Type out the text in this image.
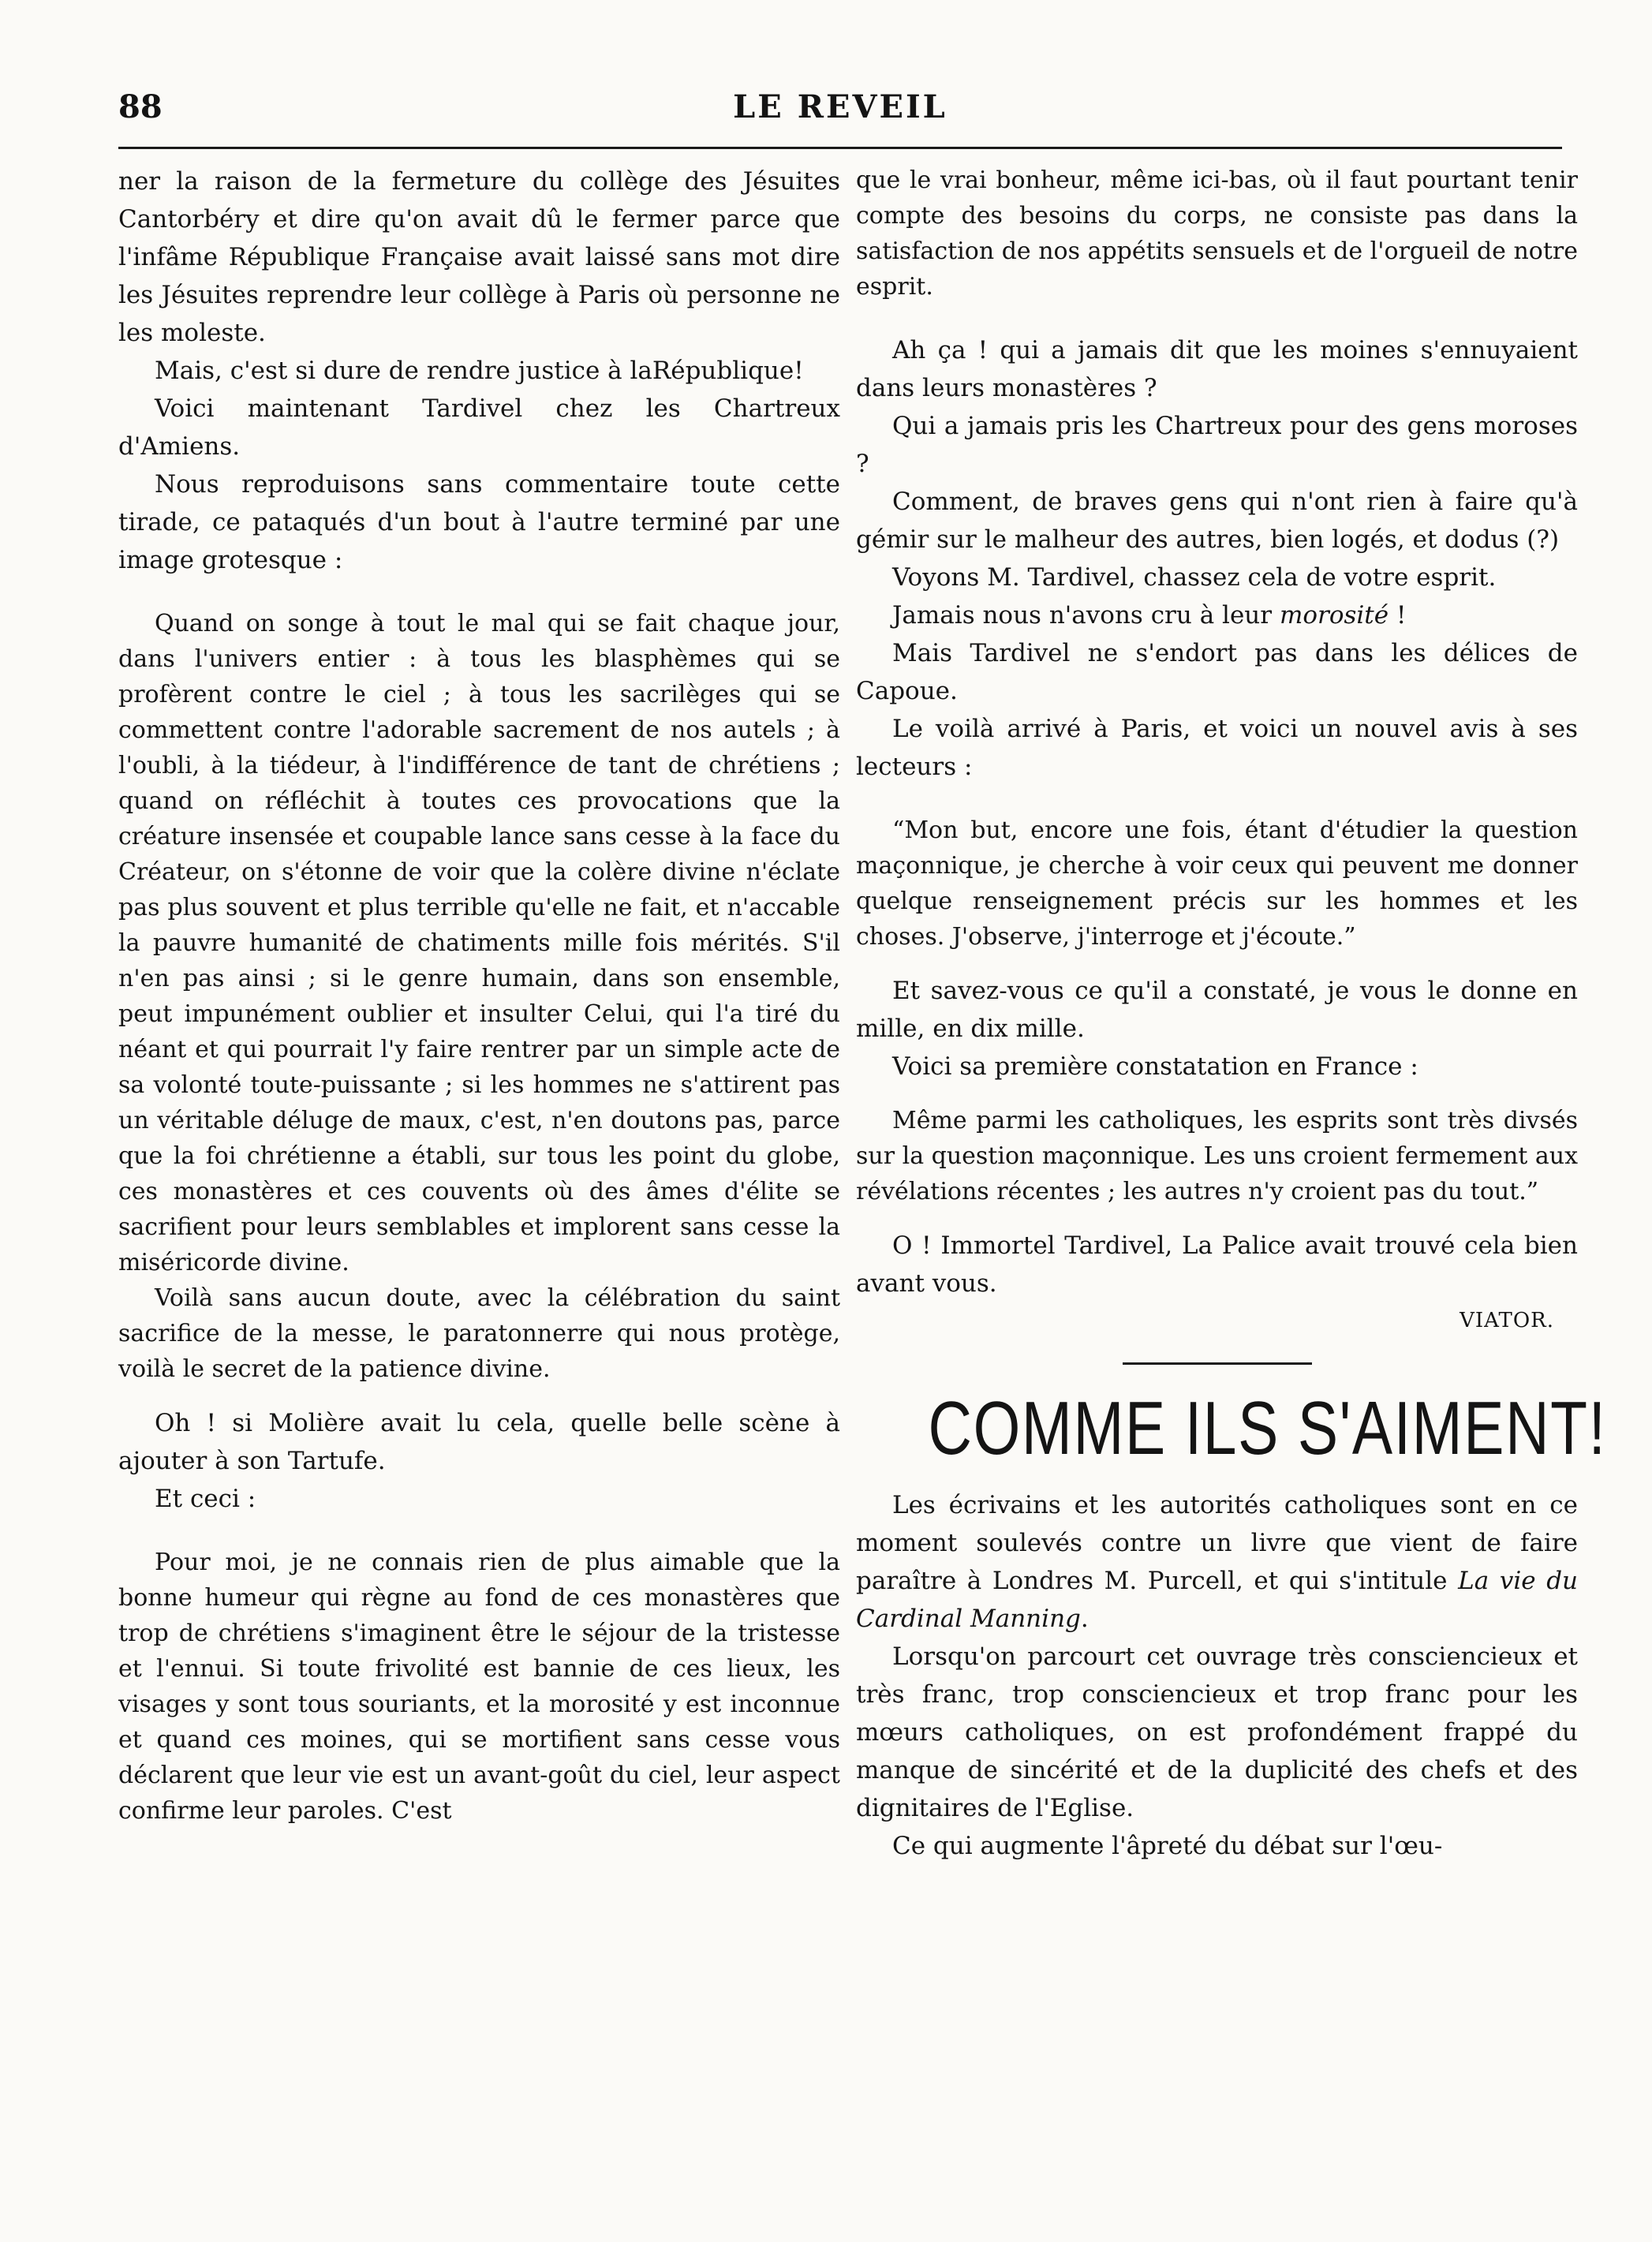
88	LE REVEIL

ner la raison de la fermeture du collège des Jésuites Cantorbéry et dire qu'on avait dû le fermer parce que l'infâme République Française avait laissé sans mot dire les Jésuites reprendre leur collège à Paris où personne ne les moleste.

Mais, c'est si dure de rendre justice à laRépublique!

Voici maintenant Tardivel chez les Chartreux d'Amiens.

Nous reproduisons sans commentaire toute cette tirade, ce pataqués d'un bout à l'autre terminé par une image grotesque :

Quand on songe à tout le mal qui se fait chaque jour, dans l'univers entier : à tous les blasphèmes qui se profèrent contre le ciel ; à tous les sacrilèges qui se commettent contre l'adorable sacrement de nos autels ; à l'oubli, à la tiédeur, à l'indifférence de tant de chrétiens ; quand on réfléchit à toutes ces provocations que la créature insensée et coupable lance sans cesse à la face du Créateur, on s'étonne de voir que la colère divine n'éclate pas plus souvent et plus terrible qu'elle ne fait, et n'accable la pauvre humanité de chatiments mille fois mérités. S'il n'en pas ainsi ; si le genre humain, dans son ensemble, peut impunément oublier et insulter Celui, qui l'a tiré du néant et qui pourrait l'y faire rentrer par un simple acte de sa volonté toute-puissante ; si les hommes ne s'attirent pas un véritable déluge de maux, c'est, n'en doutons pas, parce que la foi chrétienne a établi, sur tous les point du globe, ces monastères et ces couvents où des âmes d'élite se sacrifient pour leurs semblables et implorent sans cesse la miséricorde divine.

Voilà sans aucun doute, avec la célébration du saint sacrifice de la messe, le paratonnerre qui nous protège, voilà le secret de la patience divine.

Oh ! si Molière avait lu cela, quelle belle scène à ajouter à son Tartufe.

Et ceci :

Pour moi, je ne connais rien de plus aimable que la bonne humeur qui règne au fond de ces monastères que trop de chrétiens s'imaginent être le séjour de la tristesse et l'ennui. Si toute frivolité est bannie de ces lieux, les visages y sont tous souriants, et la morosité y est inconnue et quand ces moines, qui se mortifient sans cesse vous déclarent que leur vie est un avant-goût du ciel, leur aspect confirme leur paroles. C'est

que le vrai bonheur, même ici-bas, où il faut pourtant tenir compte des besoins du corps, ne consiste pas dans la satisfaction de nos appétits sensuels et de l'orgueil de notre esprit.

Ah ça ! qui a jamais dit que les moines s'ennuyaient dans leurs monastères ?

Qui a jamais pris les Chartreux pour des gens moroses ?

Comment, de braves gens qui n'ont rien à faire qu'à gémir sur le malheur des autres, bien logés, et dodus (?)

Voyons M. Tardivel, chassez cela de votre esprit.

Jamais nous n'avons cru à leur morosité !

Mais Tardivel ne s'endort pas dans les délices de Capoue.

Le voilà arrivé à Paris, et voici un nouvel avis à ses lecteurs :

“Mon but, encore une fois, étant d'étudier la question maçonnique, je cherche à voir ceux qui peuvent me donner quelque renseignement précis sur les hommes et les choses. J'observe, j'interroge et j'écoute.”

Et savez-vous ce qu'il a constaté, je vous le donne en mille, en dix mille.

Voici sa première constatation en France :

Même parmi les catholiques, les esprits sont très divsés sur la question maçonnique. Les uns croient fermement aux révélations récentes ; les autres n'y croient pas du tout.”

O ! Immortel Tardivel, La Palice avait trouvé cela bien avant vous.

VIATOR.
COMME ILS S'AIMENT!

Les écrivains et les autorités catholiques sont en ce moment soulevés contre un livre que vient de faire paraître à Londres M. Purcell, et qui s'intitule La vie du Cardinal Manning.

Lorsqu'on parcourt cet ouvrage très consciencieux et très franc, trop consciencieux et trop franc pour les mœurs catholiques, on est profondément frappé du manque de sincérité et de la duplicité des chefs et des dignitaires de l'Eglise.

Ce qui augmente l'âpreté du débat sur l'œu-
